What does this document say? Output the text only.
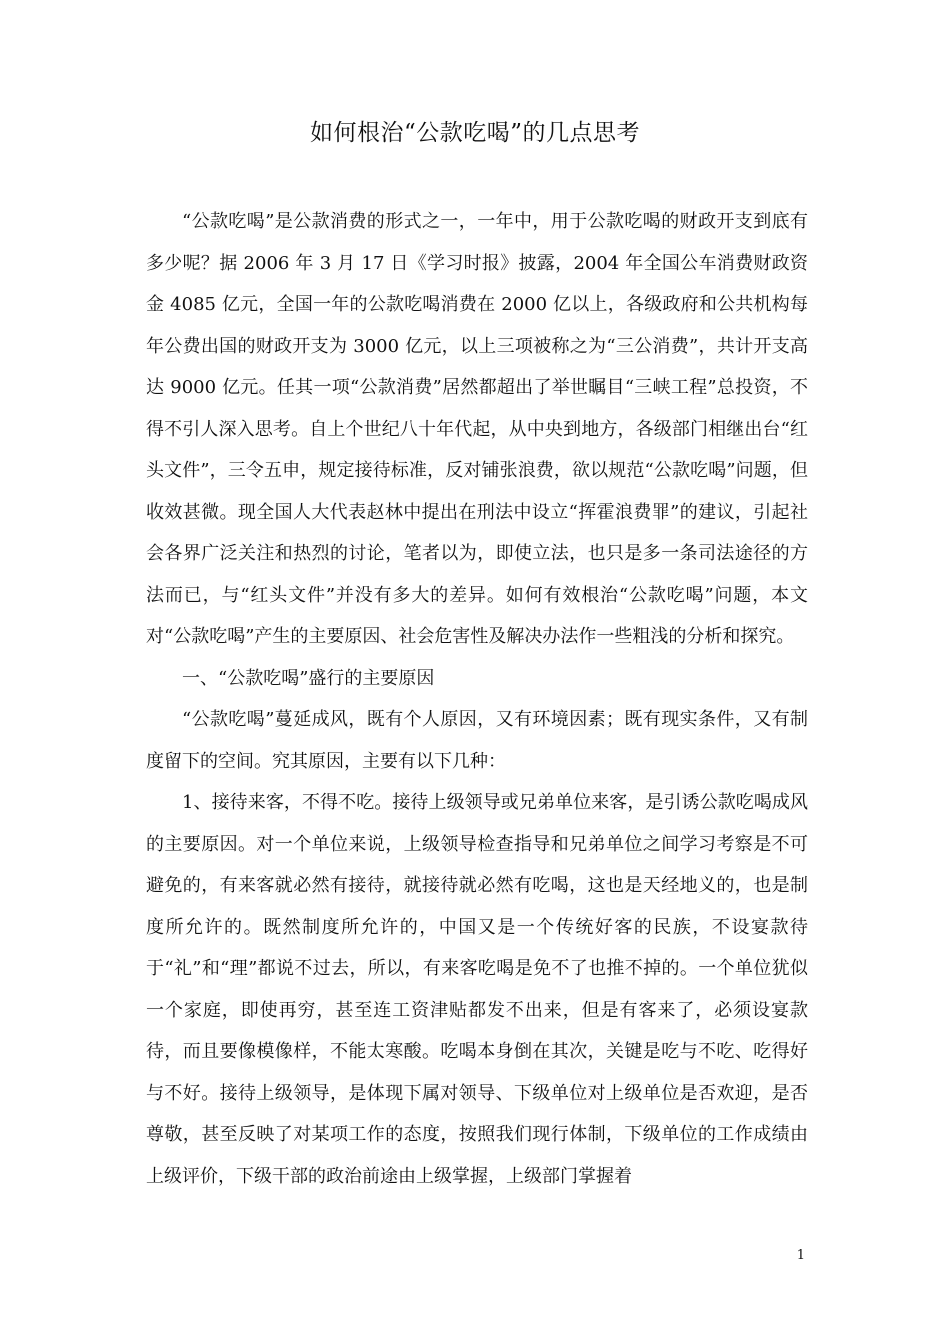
如何根治“公款吃喝”的几点思考

“公款吃喝”是公款消费的形式之一，一年中，用于公款吃喝的财政开支到底有多少呢？据 2006 年 3 月 17 日《学习时报》披露，2004 年全国公车消费财政资金 4085 亿元，全国一年的公款吃喝消费在 2000 亿以上，各级政府和公共机构每年公费出国的财政开支为 3000 亿元，以上三项被称之为“三公消费”，共计开支高达 9000 亿元。任其一项“公款消费”居然都超出了举世瞩目“三峡工程”总投资，不得不引人深入思考。自上个世纪八十年代起，从中央到地方，各级部门相继出台“红头文件”，三令五申，规定接待标准，反对铺张浪费，欲以规范“公款吃喝”问题，但收效甚微。现全国人大代表赵林中提出在刑法中设立“挥霍浪费罪”的建议，引起社会各界广泛关注和热烈的讨论，笔者以为，即使立法，也只是多一条司法途径的方法而已，与“红头文件”并没有多大的差异。如何有效根治“公款吃喝”问题，本文对“公款吃喝”产生的主要原因、社会危害性及解决办法作一些粗浅的分析和探究。

一、“公款吃喝”盛行的主要原因

“公款吃喝”蔓延成风，既有个人原因，又有环境因素；既有现实条件，又有制度留下的空间。究其原因，主要有以下几种：

1、接待来客，不得不吃。接待上级领导或兄弟单位来客，是引诱公款吃喝成风的主要原因。对一个单位来说，上级领导检查指导和兄弟单位之间学习考察是不可避免的，有来客就必然有接待，就接待就必然有吃喝，这也是天经地义的，也是制度所允许的。既然制度所允许的，中国又是一个传统好客的民族，不设宴款待于“礼”和“理”都说不过去，所以，有来客吃喝是免不了也推不掉的。一个单位犹似一个家庭，即使再穷，甚至连工资津贴都发不出来，但是有客来了，必须设宴款待，而且要像模像样，不能太寒酸。吃喝本身倒在其次，关键是吃与不吃、吃得好与不好。接待上级领导，是体现下属对领导、下级单位对上级单位是否欢迎，是否尊敬，甚至反映了对某项工作的态度，按照我们现行体制，下级单位的工作成绩由上级评价，下级干部的政治前途由上级掌握，上级部门掌握着

1
